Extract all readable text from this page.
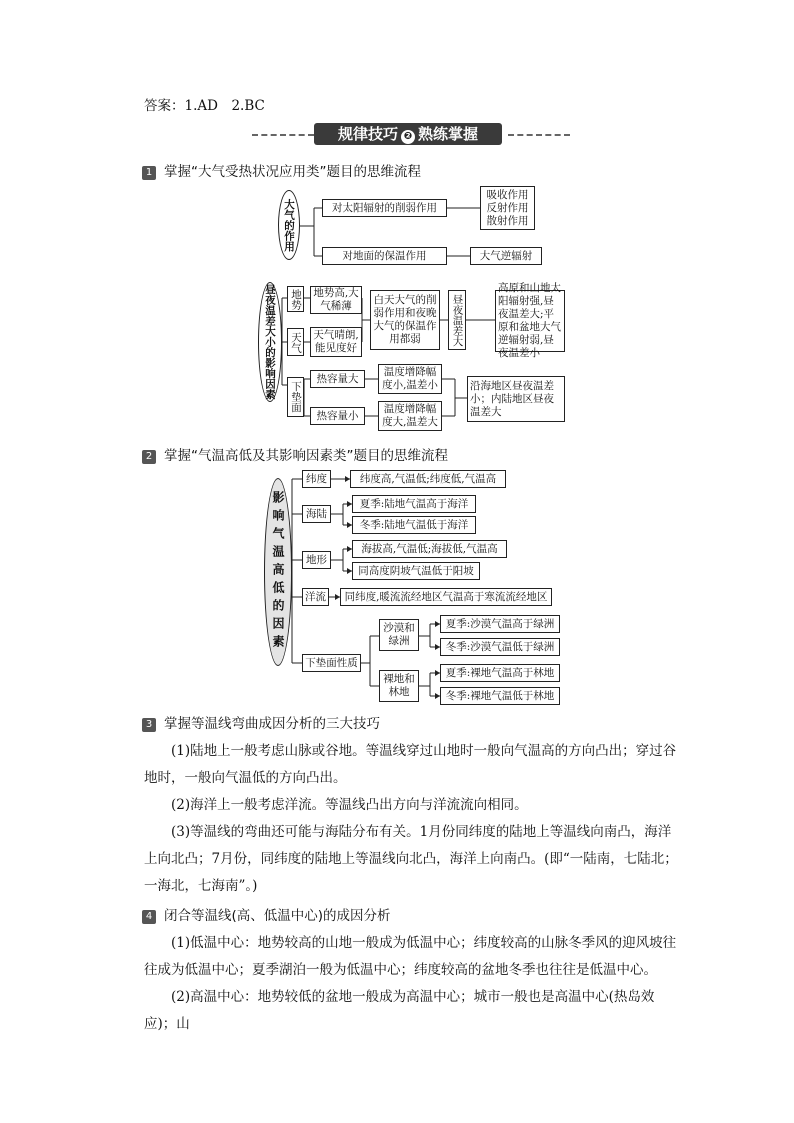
答案：1.AD　2.BC
规律技巧 ❷ 熟练掌握
1 掌握“大气受热状况应用类”题目的思维流程
大气的作用	对太阳辐射的削弱作用
吸收作用
反射作用
散射作用
对地面的保温作用	大气逆辐射
昼夜温差大小的影响因素 地势	地势高,大气稀薄
天气	天气晴朗,能见度好
白天大气的削弱作用和夜晚大气的保温作用都弱	昼夜温差大
高原和山地太阳辐射强,昼夜温差大;平原和盆地大气逆辐射弱,昼夜温差小
下垫面
热容量大
热容量小
温度增降幅度小,温差小
温度增降幅度大,温差大
沿海地区昼夜温差小；内陆地区昼夜温差大
2 掌握“气温高低及其影响因素类”题目的思维流程
影响气温高低的因素
纬度	纬度高,气温低;纬度低,气温高
海陆
夏季:陆地气温高于海洋
冬季:陆地气温低于海洋
地形
海拔高,气温低;海拔低,气温高
同高度阴坡气温低于阳坡
洋流	同纬度,暖流流经地区气温高于寒流流经地区
下垫面性质
沙漠和绿洲
夏季:沙漠气温高于绿洲
冬季:沙漠气温低于绿洲
裸地和林地
夏季:裸地气温高于林地
冬季:裸地气温低于林地
3 掌握等温线弯曲成因分析的三大技巧
(1)陆地上一般考虑山脉或谷地。等温线穿过山地时一般向气温高的方向凸出；穿过谷地时，一般向气温低的方向凸出。
(2)海洋上一般考虑洋流。等温线凸出方向与洋流流向相同。
(3)等温线的弯曲还可能与海陆分布有关。1月份同纬度的陆地上等温线向南凸，海洋上向北凸；7月份，同纬度的陆地上等温线向北凸，海洋上向南凸。(即“一陆南，七陆北；一海北，七海南”。)
4 闭合等温线(高、低温中心)的成因分析
(1)低温中心：地势较高的山地一般成为低温中心；纬度较高的山脉冬季风的迎风坡往往成为低温中心；夏季湖泊一般为低温中心；纬度较高的盆地冬季也往往是低温中心。
(2)高温中心：地势较低的盆地一般成为高温中心；城市一般也是高温中心(热岛效应)；山
